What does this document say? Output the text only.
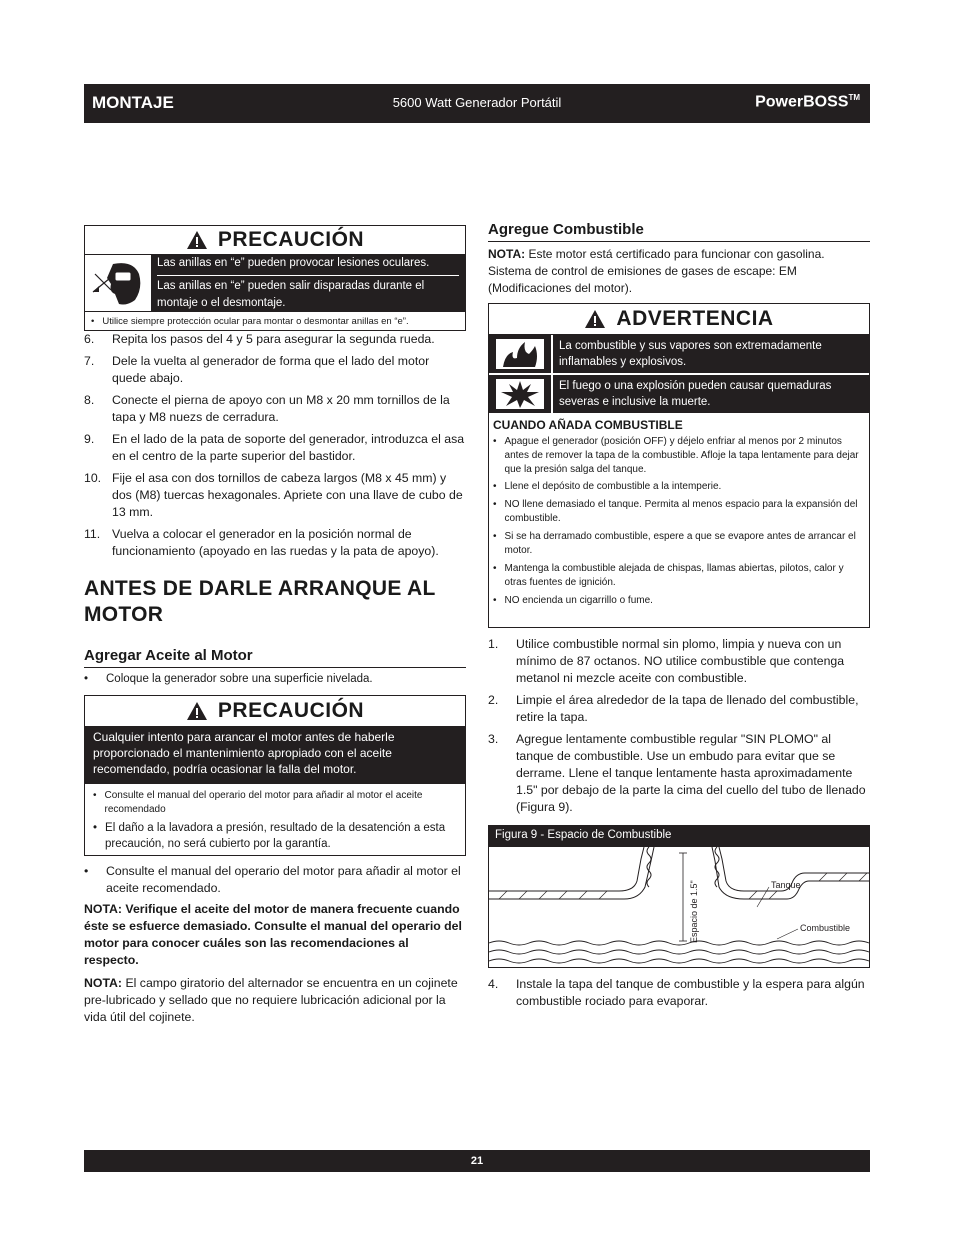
MONTAJE	5600 Watt Generador Portátil	PowerBOSS™
PRECAUCIÓN
Las anillas en “e” pueden provocar lesiones oculares.
Las anillas en “e” pueden salir disparadas durante el montaje o el desmontaje.
• Utilice siempre protección ocular para montar o desmontar anillas en “e”.
6.	Repita los pasos del 4 y 5 para asegurar la segunda rueda.
7.	Dele la vuelta al generador de forma que el lado del motor quede abajo.
8.	Conecte el pierna de apoyo con un M8 x 20 mm tornillos de la tapa y M8 nuezs de cerradura.
9.	En el lado de la pata de soporte del generador, introduzca el asa en el centro de la parte superior del bastidor.
10. Fije el asa con dos tornillos de cabeza largos (M8 x 45 mm) y dos (M8) tuercas hexagonales. Apriete con una llave de cubo de 13 mm.
11. Vuelva a colocar el generador en la posición normal de funcionamiento (apoyado en las ruedas y la pata de apoyo).
ANTES DE DARLE ARRANQUE AL MOTOR
Agregar Aceite al Motor
•	Coloque la generador sobre una superficie nivelada.
PRECAUCIÓN
Cualquier intento para arancar el motor antes de haberle proporcionado el mantenimiento apropiado con el aceite recomendado, podría ocasionar la falla del motor.
• Consulte el manual del operario del motor para añadir al motor el aceite recomendado
• El daño a la lavadora a presión, resultado de la desatención a esta precaución, no será cubierto por la garantía.
•	Consulte el manual del operario del motor para añadir al motor el aceite recomendado.
NOTA: Verifique el aceite del motor de manera frecuente cuando éste se esfuerce demasiado. Consulte el manual del operario del motor para conocer cuáles son las recomendaciones al respecto.
NOTA: El campo giratorio del alternador se encuentra en un cojinete pre-lubricado y sellado que no requiere lubricación adicional por la vida útil del cojinete.
Agregue Combustible
NOTA: Este motor está certificado para funcionar con gasolina. Sistema de control de emisiones de gases de escape: EM (Modificaciones del motor).
ADVERTENCIA
La combustible y sus vapores son extremadamente inflamables y explosivos.
El fuego o una explosión pueden causar quemaduras severas e inclusive la muerte.
CUANDO AÑADA COMBUSTIBLE
• Apague el generador (posición OFF) y déjelo enfriar al menos por 2 minutos antes de remover la tapa de la combustible. Afloje la tapa lentamente para dejar que la presión salga del tanque.
• Llene el depósito de combustible a la intemperie.
• NO llene demasiado el tanque. Permita al menos espacio para la expansión del combustible.
• Si se ha derramado combustible, espere a que se evapore antes de arrancar el motor.
• Mantenga la combustible alejada de chispas, llamas abiertas, pilotos, calor y otras fuentes de ignición.
• NO encienda un cigarrillo o fume.
1.	Utilice combustible normal sin plomo, limpia y nueva con un mínimo de 87 octanos. NO utilice combustible que contenga metanol ni mezcle aceite con combustible.
2.	Limpie el área alrededor de la tapa de llenado del combustible, retire la tapa.
3.	Agregue lentamente combustible regular "SIN PLOMO" al tanque de combustible. Use un embudo para evitar que se derrame. Llene el tanque lentamente hasta aproximadamente 1.5" por debajo de la parte la cima del cuello del tubo de llenado (Figura 9).
Figura 9 - Espacio de Combustible
Espacio de 1.5"	Tanque
Combustible
4.	Instale la tapa del tanque de combustible y la espera para algún combustible rociado para evaporar.
21
